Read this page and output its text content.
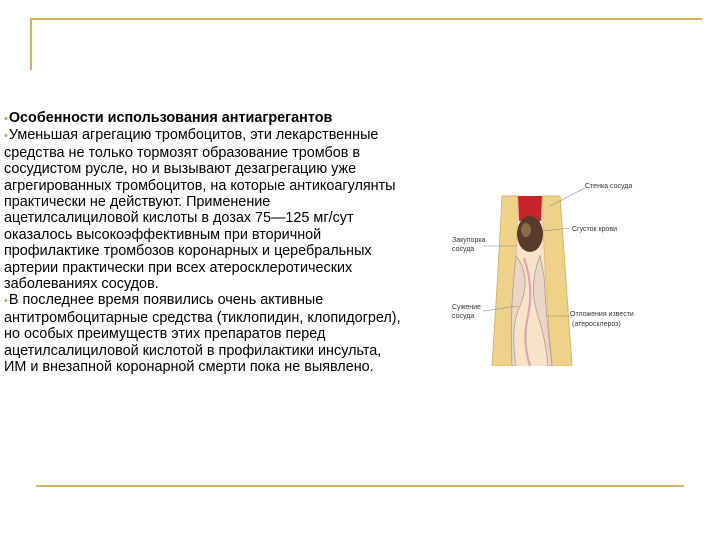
•Особенности использования антиагрегантов

•Уменьшая агрегацию тромбоцитов, эти лекарственные средства не только тормозят образование тромбов в сосудистом русле, но и вызывают дезагрегацию уже агрегированных тромбоцитов, на которые антикоагулянты практически не действуют. Применение ацетилсалициловой кислоты в дозах 75—125 мг/сут оказалось высокоэффективным при вторичной профилактике тромбозов коронарных и церебральных артерии практически при всех атеросклеротических заболеваниях сосудов.

•В последнее время появились очень активные антитромбоцитарные средства (тиклопидин, клопидогрел), но особых преимуществ этих препаратов перед ацетилсалициловой кислотой в профилактики инсульта, ИМ и внезапной коронарной смерти пока не выявлено.

Стенка сосуда
Сгусток крови
Закупорка
сосуда
Сужение
сосуда	Отложения извести
(атеросклероз)
